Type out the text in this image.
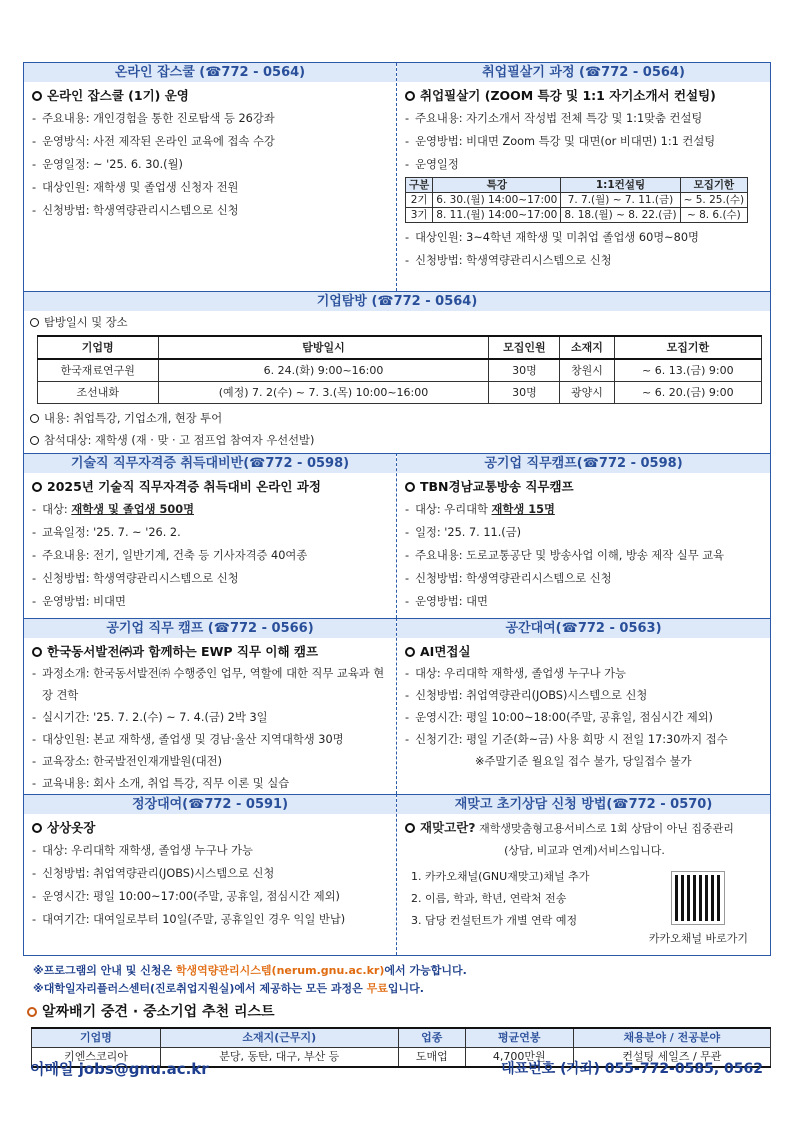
온라인 잡스쿨 (☎772 - 0564)
온라인 잡스쿨 (1기) 운영
- 주요내용: 개인경험을 통한 진로탐색 등 26강좌
- 운영방식: 사전 제작된 온라인 교육에 접속 수강
- 운영일정: ~ '25. 6. 30.(월)
- 대상인원: 재학생 및 졸업생 신청자 전원
- 신청방법: 학생역량관리시스템으로 신청
취업필살기 과정 (☎772 - 0564)
취업필살기 (ZOOM 특강 및 1:1 자기소개서 컨설팅)
- 주요내용: 자기소개서 작성법 전체 특강 및 1:1맞춤 컨설팅
- 운영방법: 비대면 Zoom 특강 및 대면(or 비대면) 1:1 컨설팅
- 운영일정
구분	특강	1:1컨설팅	모집기한
2기	6. 30.(월) 14:00~17:00	7. 7.(월) ~ 7. 11.(금)	~ 5. 25.(수)
3기	8. 11.(월) 14:00~17:00	8. 18.(월) ~ 8. 22.(금)	~ 8. 6.(수)
- 대상인원: 3~4학년 재학생 및 미취업 졸업생 60명~80명
- 신청방법: 학생역량관리시스템으로 신청
기업탐방 (☎772 - 0564)
탐방일시 및 장소
기업명	탐방일시	모집인원	소재지	모집기한
한국재료연구원	6. 24.(화) 9:00~16:00	30명	창원시	~ 6. 13.(금) 9:00
조선내화	(예정) 7. 2(수) ~ 7. 3.(목) 10:00~16:00	30명	광양시	~ 6. 20.(금) 9:00
내용: 취업특강, 기업소개, 현장 투어
참석대상: 재학생 (재 · 맞 · 고 점프업 참여자 우선선발)
기술직 직무자격증 취득대비반(☎772 - 0598)
2025년 기술직 직무자격증 취득대비 온라인 과정
- 대상: 재학생 및 졸업생 500명
- 교육일정: '25. 7. ~ '26. 2.
- 주요내용: 전기, 일반기계, 건축 등 기사자격증 40여종
- 신청방법: 학생역량관리시스템으로 신청
- 운영방법: 비대면
공기업 직무캠프(☎772 - 0598)
TBN경남교통방송 직무캠프
- 대상: 우리대학 재학생 15명
- 일정: '25. 7. 11.(금)
- 주요내용: 도로교통공단 및 방송사업 이해, 방송 제작 실무 교육
- 신청방법: 학생역량관리시스템으로 신청
- 운영방법: 대면
공기업 직무 캠프 (☎772 - 0566)
한국동서발전㈜과 함께하는 EWP 직무 이해 캠프
- 과정소개: 한국동서발전㈜ 수행중인 업무, 역할에 대한 직무 교육과 현장 견학
- 실시기간: '25. 7. 2.(수) ~ 7. 4.(금) 2박 3일
- 대상인원: 본교 재학생, 졸업생 및 경남·울산 지역대학생 30명
- 교육장소: 한국발전인재개발원(대전)
- 교육내용: 회사 소개, 취업 특강, 직무 이론 및 실습
공간대여(☎772 - 0563)
AI면접실
- 대상: 우리대학 재학생, 졸업생 누구나 가능
- 신청방법: 취업역량관리(JOBS)시스템으로 신청
- 운영시간: 평일 10:00~18:00(주말, 공휴일, 점심시간 제외)
- 신청기간: 평일 기준(화~금) 사용 희망 시 전일 17:30까지 접수
※주말기준 월요일 접수 불가, 당일접수 불가
정장대여(☎772 - 0591)
상상옷장
- 대상: 우리대학 재학생, 졸업생 누구나 가능
- 신청방법: 취업역량관리(JOBS)시스템으로 신청
- 운영시간: 평일 10:00~17:00(주말, 공휴일, 점심시간 제외)
- 대여기간: 대여일로부터 10일(주말, 공휴일인 경우 익일 반납)
재맞고 초기상담 신청 방법(☎772 - 0570)
재맞고란? 재학생맞춤형고용서비스로 1회 상담이 아닌 집중관리
(상담, 비교과 연계)서비스입니다.
1. 카카오채널(GNU재맞고)채널 추가
2. 이름, 학과, 학년, 연락처 전송
3. 담당 컨설턴트가 개별 연락 예정
카카오채널 바로가기
※프로그램의 안내 및 신청은 학생역량관리시스템(nerum.gnu.ac.kr)에서 가능합니다.
※대학일자리플러스센터(진로취업지원실)에서 제공하는 모든 과정은 무료입니다.
알짜배기 중견 · 중소기업 추천 리스트
기업명	소재지(근무지)	업종	평균연봉	채용분야 / 전공분야
키엔스코리아	분당, 동탄, 대구, 부산 등	도매업	4,700만원	컨설팅 세일즈 / 무관
이메일 jobs@gnu.ac.kr	대표번호 (가좌) 055-772-0585, 0562
